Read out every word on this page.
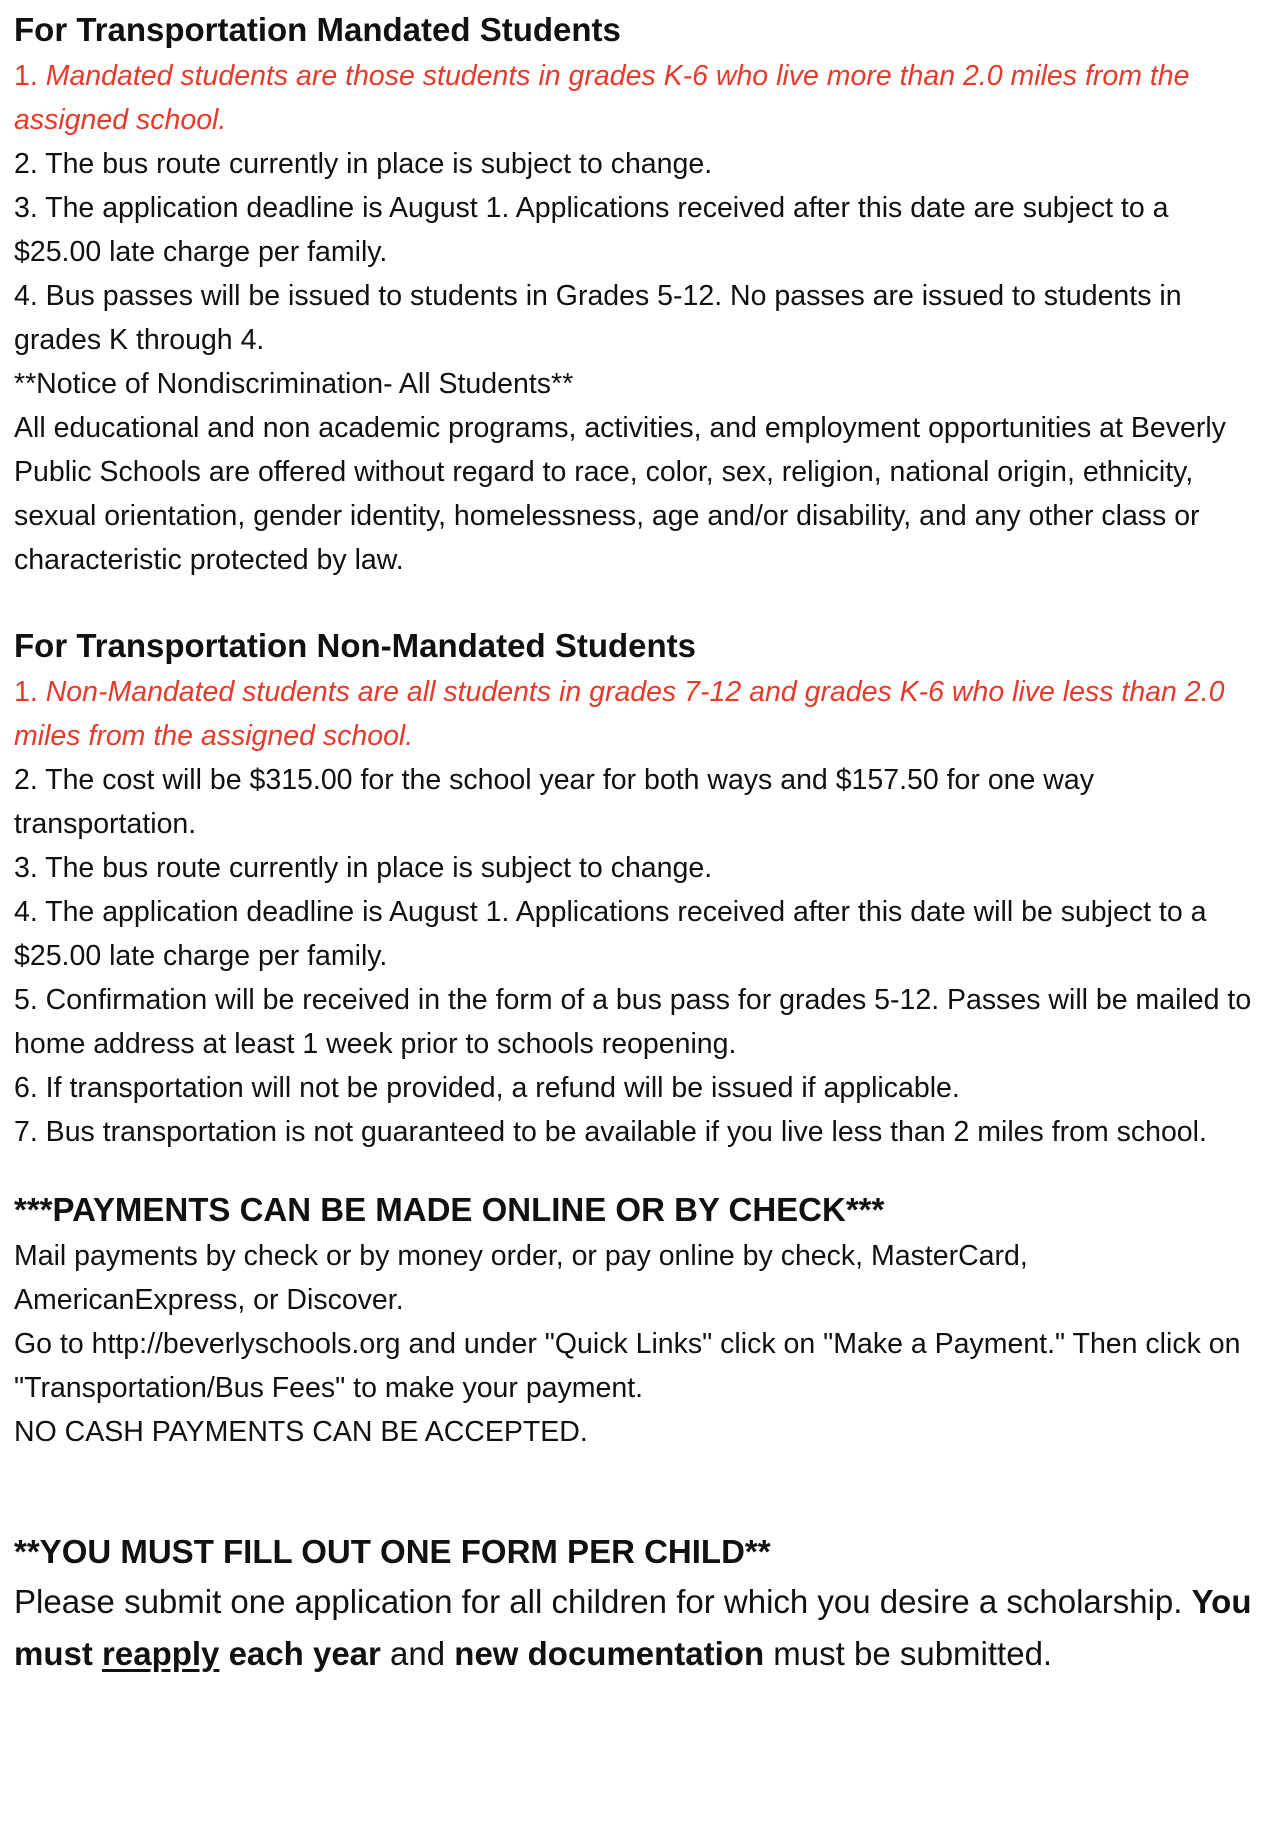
For Transportation Mandated Students

1. Mandated students are those students in grades K-6 who live more than 2.0 miles from the assigned school.

2. The bus route currently in place is subject to change.

3. The application deadline is August 1. Applications received after this date are subject to a $25.00 late charge per family.

4. Bus passes will be issued to students in Grades 5-12. No passes are issued to students in grades K through 4.

**Notice of Nondiscrimination- All Students**

All educational and non academic programs, activities, and employment opportunities at Beverly Public Schools are offered without regard to race, color, sex, religion, national origin, ethnicity, sexual orientation, gender identity, homelessness, age and/or disability, and any other class or characteristic protected by law.

For Transportation Non-Mandated Students

1. Non-Mandated students are all students in grades 7-12 and grades K-6 who live less than 2.0 miles from the assigned school.

2. The cost will be $315.00 for the school year for both ways and $157.50 for one way transportation.

3. The bus route currently in place is subject to change.

4. The application deadline is August 1. Applications received after this date will be subject to a $25.00 late charge per family.

5. Confirmation will be received in the form of a bus pass for grades 5-12. Passes will be mailed to home address at least 1 week prior to schools reopening.

6. If transportation will not be provided, a refund will be issued if applicable.

7. Bus transportation is not guaranteed to be available if you live less than 2 miles from school.

***PAYMENTS CAN BE MADE ONLINE OR BY CHECK***

Mail payments by check or by money order, or pay online by check, MasterCard, AmericanExpress, or Discover.

Go to http://beverlyschools.org and under "Quick Links" click on "Make a Payment." Then click on "Transportation/Bus Fees" to make your payment.

NO CASH PAYMENTS CAN BE ACCEPTED.

**YOU MUST FILL OUT ONE FORM PER CHILD**

Please submit one application for all children for which you desire a scholarship. You must reapply each year and new documentation must be submitted.
